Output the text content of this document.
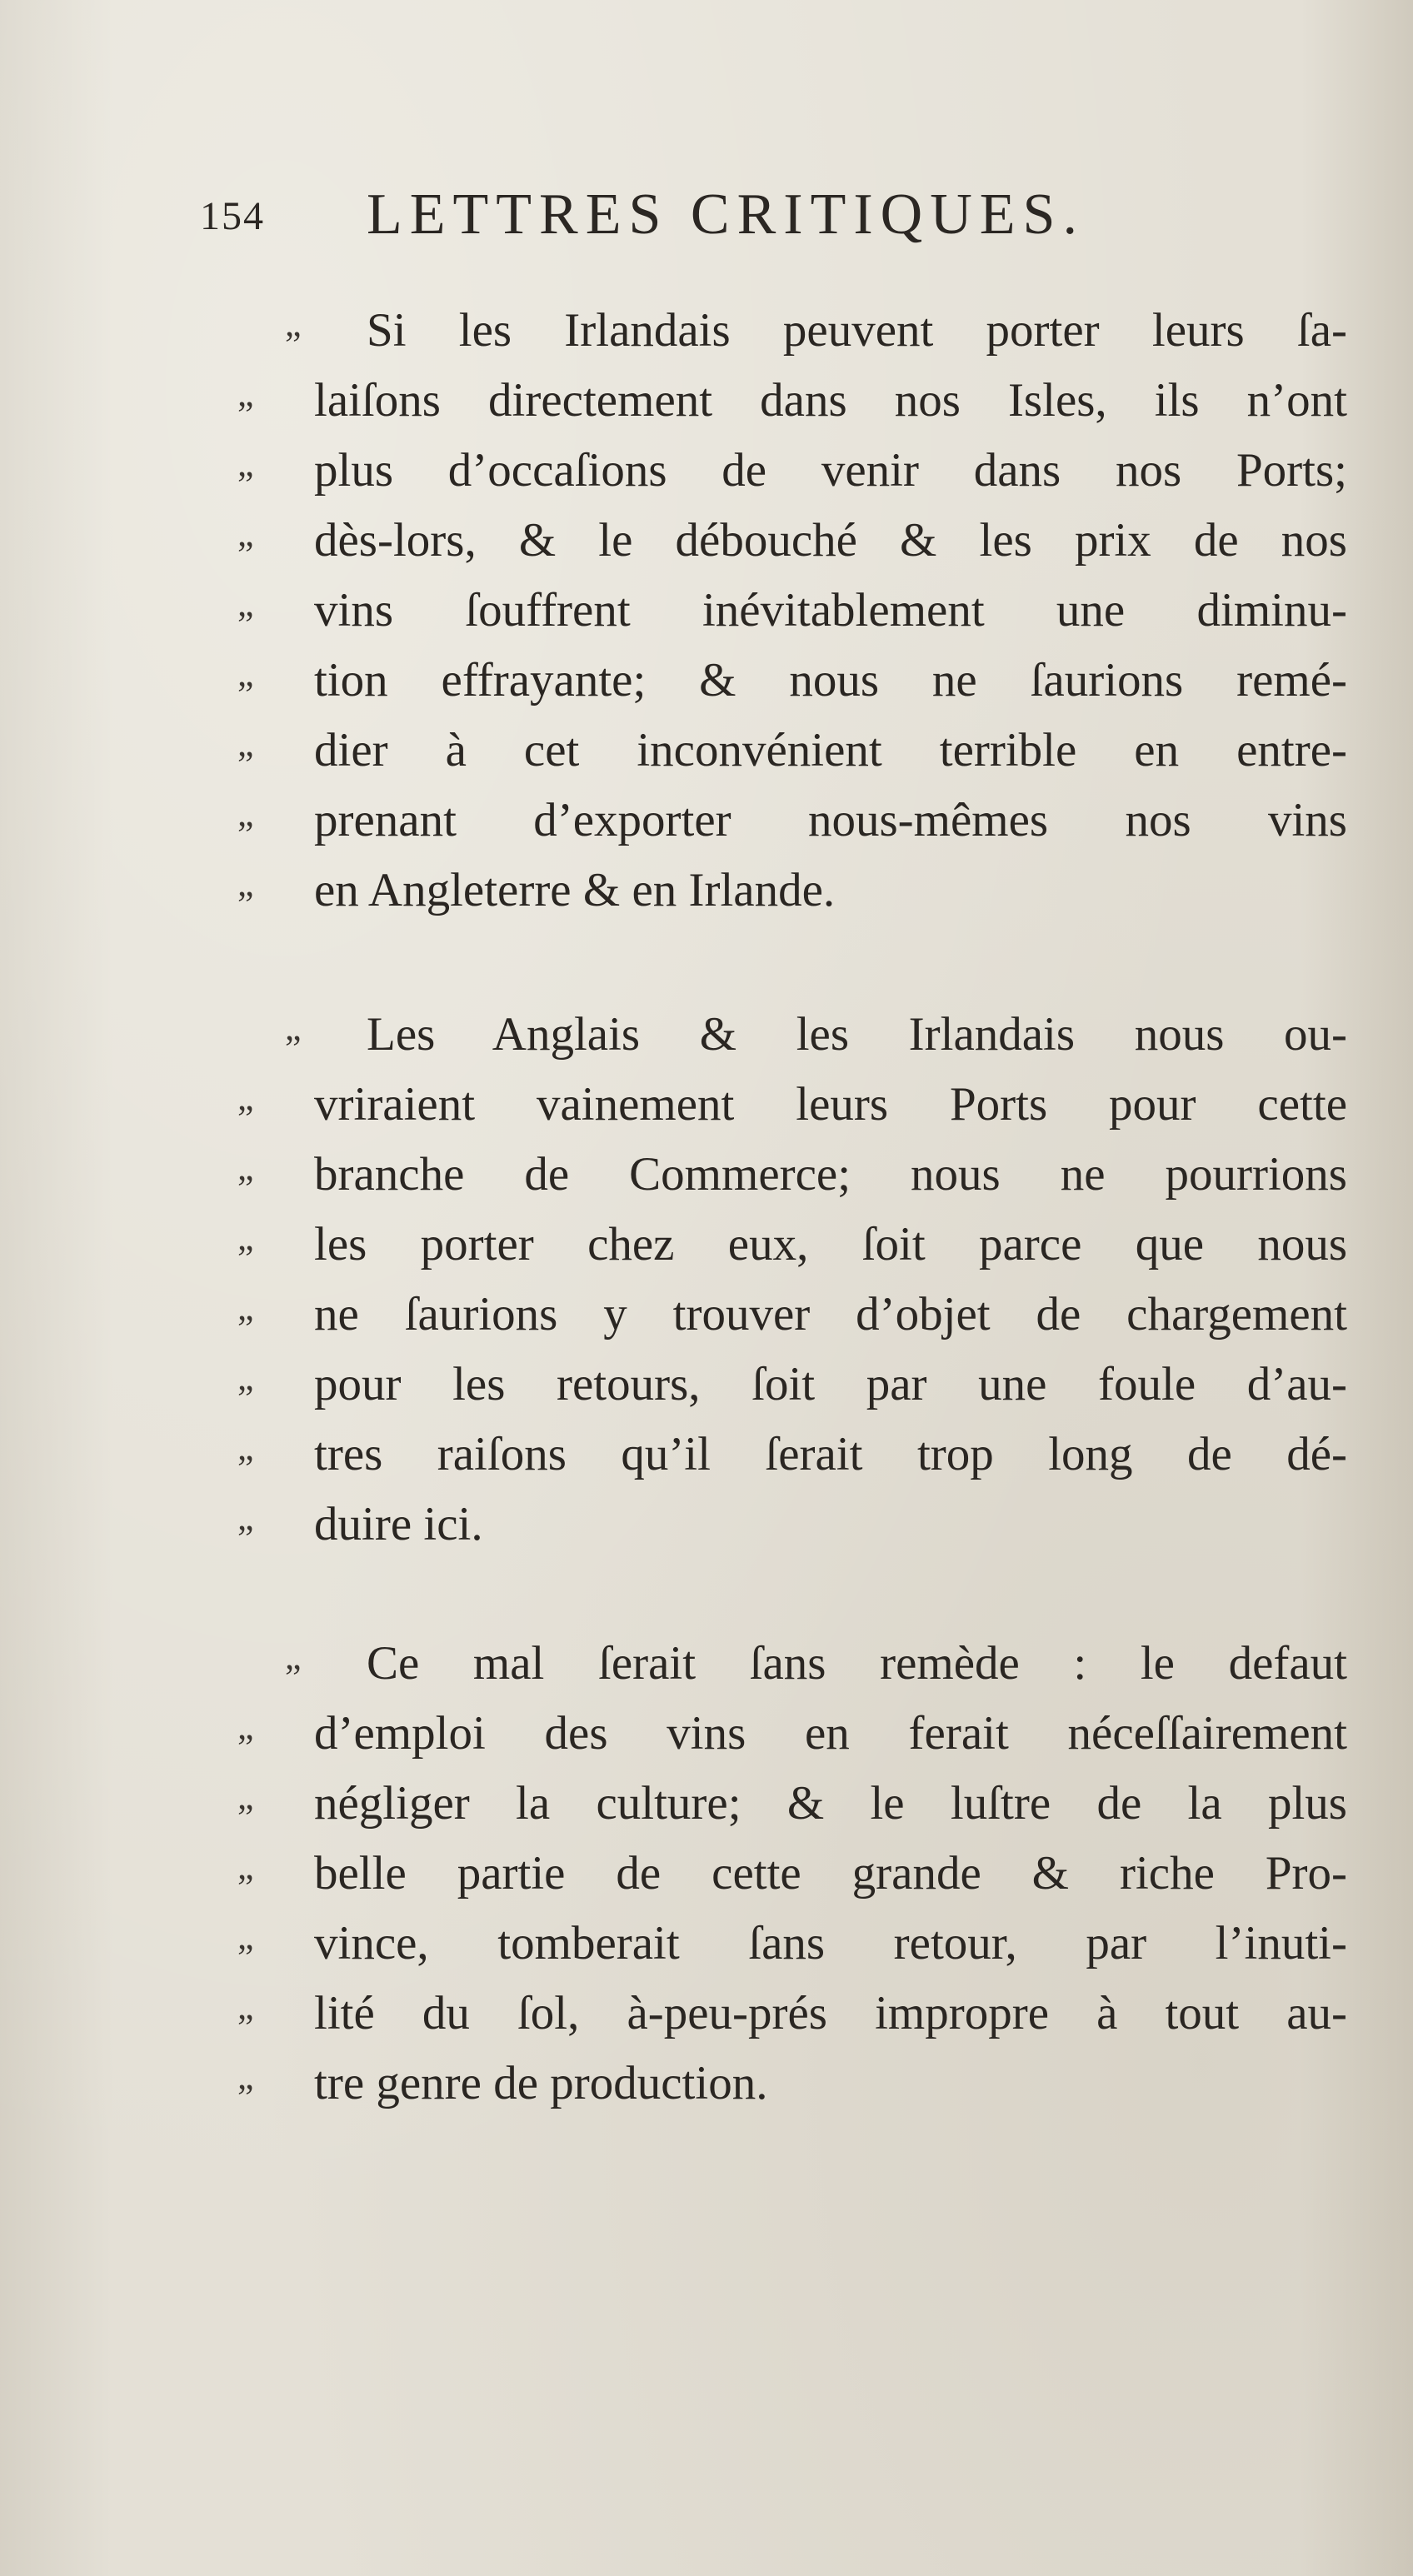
154 LETTRES CRITIQUES.
„ Si les Irlandais peuvent porter leurs ſa-
„ laiſons directement dans nos Isles, ils n’ont
„ plus d’occaſions de venir dans nos Ports;
„ dès-lors, & le débouché & les prix de nos
„ vins ſouffrent inévitablement une diminu-
„ tion effrayante; & nous ne ſaurions remé-
„ dier à cet inconvénient terrible en entre-
„ prenant d’exporter nous-mêmes nos vins
„ en Angleterre & en Irlande.
„ Les Anglais & les Irlandais nous ou-
„ vriraient vainement leurs Ports pour cette
„ branche de Commerce; nous ne pourrions
„ les porter chez eux, ſoit parce que nous
„ ne ſaurions y trouver d’objet de chargement
„ pour les retours, ſoit par une foule d’au-
„ tres raiſons qu’il ſerait trop long de dé-
„ duire ici.
„ Ce mal ſerait ſans remède : le defaut
„ d’emploi des vins en ferait néceſſairement
„ négliger la culture; & le luſtre de la plus
„ belle partie de cette grande & riche Pro-
„ vince, tomberait ſans retour, par l’inuti-
„ lité du ſol, à-peu-prés impropre à tout au-
„ tre genre de production.
